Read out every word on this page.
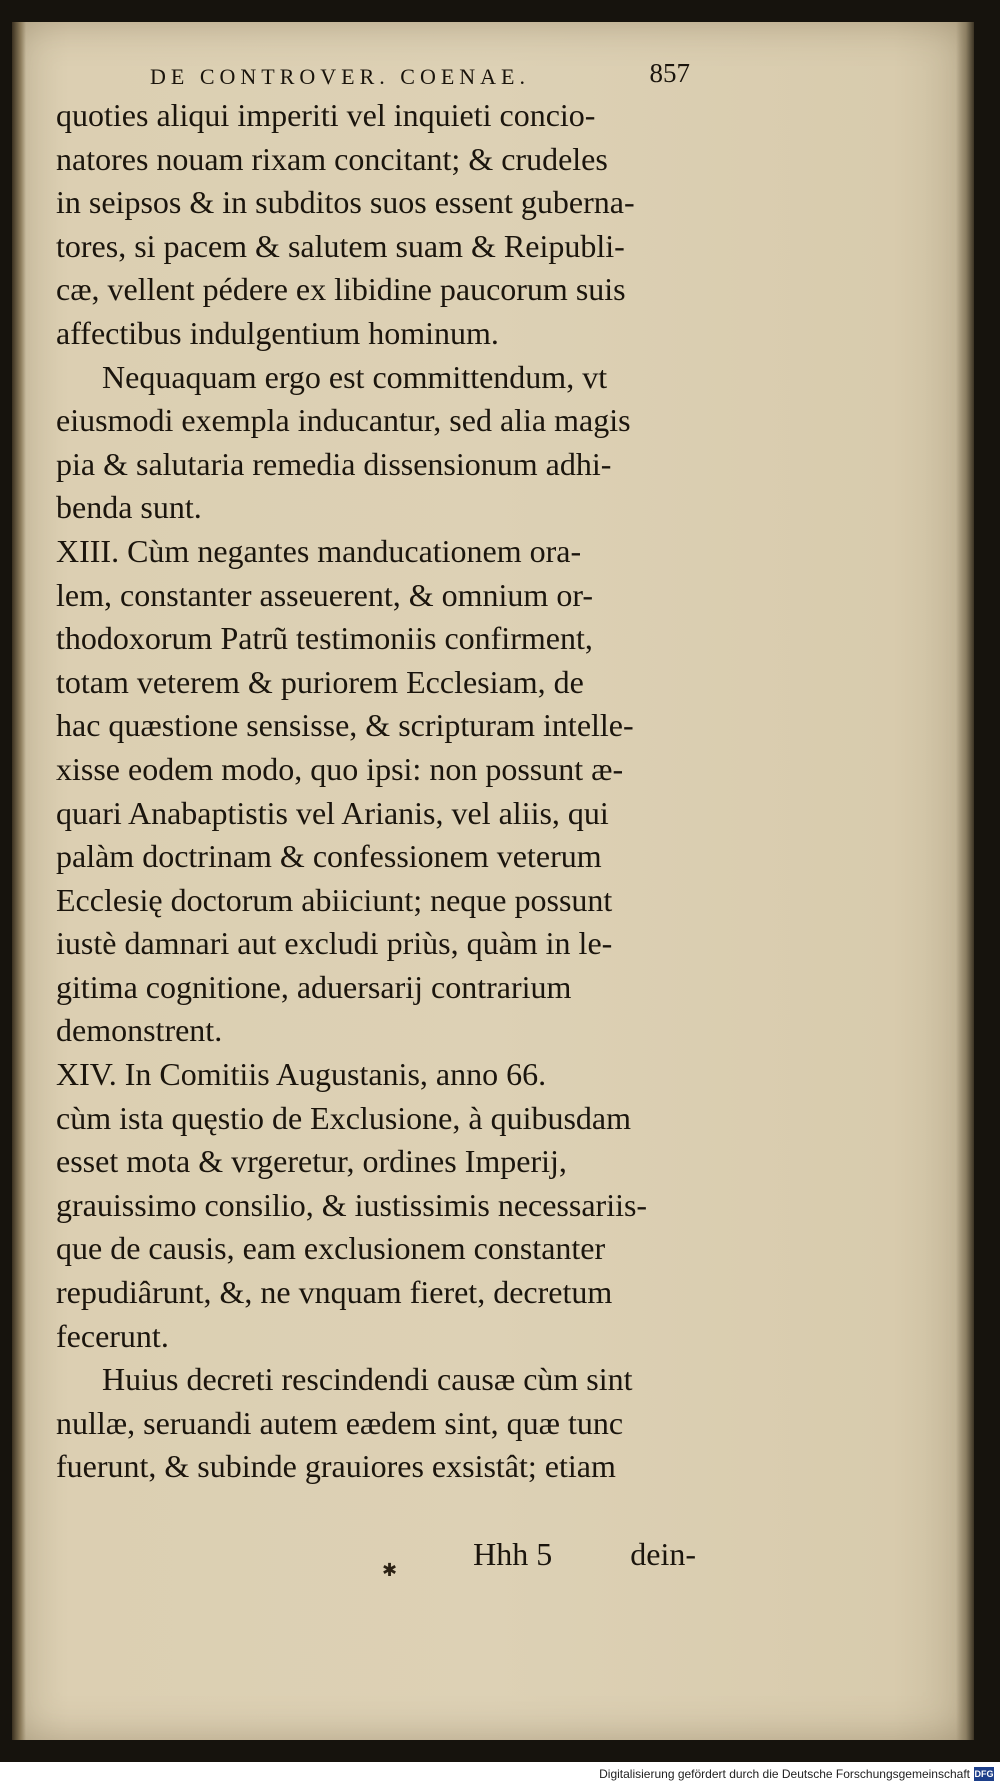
DE CONTROVER. COENAE.	857
quoties aliqui imperiti vel inquieti concio-
natores nouam rixam concitant; & crudeles
in seipsos & in subditos suos essent guberna-
tores, si pacem & salutem suam & Reipubli-
cæ, vellent pédere ex libidine paucorum suis
affectibus indulgentium hominum.
Nequaquam ergo est committendum, vt
eiusmodi exempla inducantur, sed alia magis
pia & salutaria remedia dissensionum adhi-
benda sunt.
XIII. Cùm negantes manducationem ora-
lem, constanter asseuerent, & omnium or-
thodoxorum Patrũ testimoniis confirment,
totam veterem & puriorem Ecclesiam, de
hac quæstione sensisse, & scripturam intelle-
xisse eodem modo, quo ipsi: non possunt æ-
quari Anabaptistis vel Arianis, vel aliis, qui
palàm doctrinam & confessionem veterum
Ecclesię doctorum abiiciunt; neque possunt
iustè damnari aut excludi priùs, quàm in le-
gitima cognitione, aduersarij contrarium
demonstrent.
XIV. In Comitiis Augustanis, anno 66.
cùm ista quęstio de Exclusione, à quibusdam
esset mota & vrgeretur, ordines Imperij,
grauissimo consilio, & iustissimis necessariis-
que de causis, eam exclusionem constanter
repudiârunt, &, ne vnquam fieret, decretum
fecerunt.
Huius decreti rescindendi causæ cùm sint
nullæ, seruandi autem eædem sint, quæ tunc
fuerunt, & subinde grauiores exsistât; etiam

Hhh 5 dein-

✱
Digitalisierung gefördert durch die Deutsche Forschungsgemeinschaft DFG
